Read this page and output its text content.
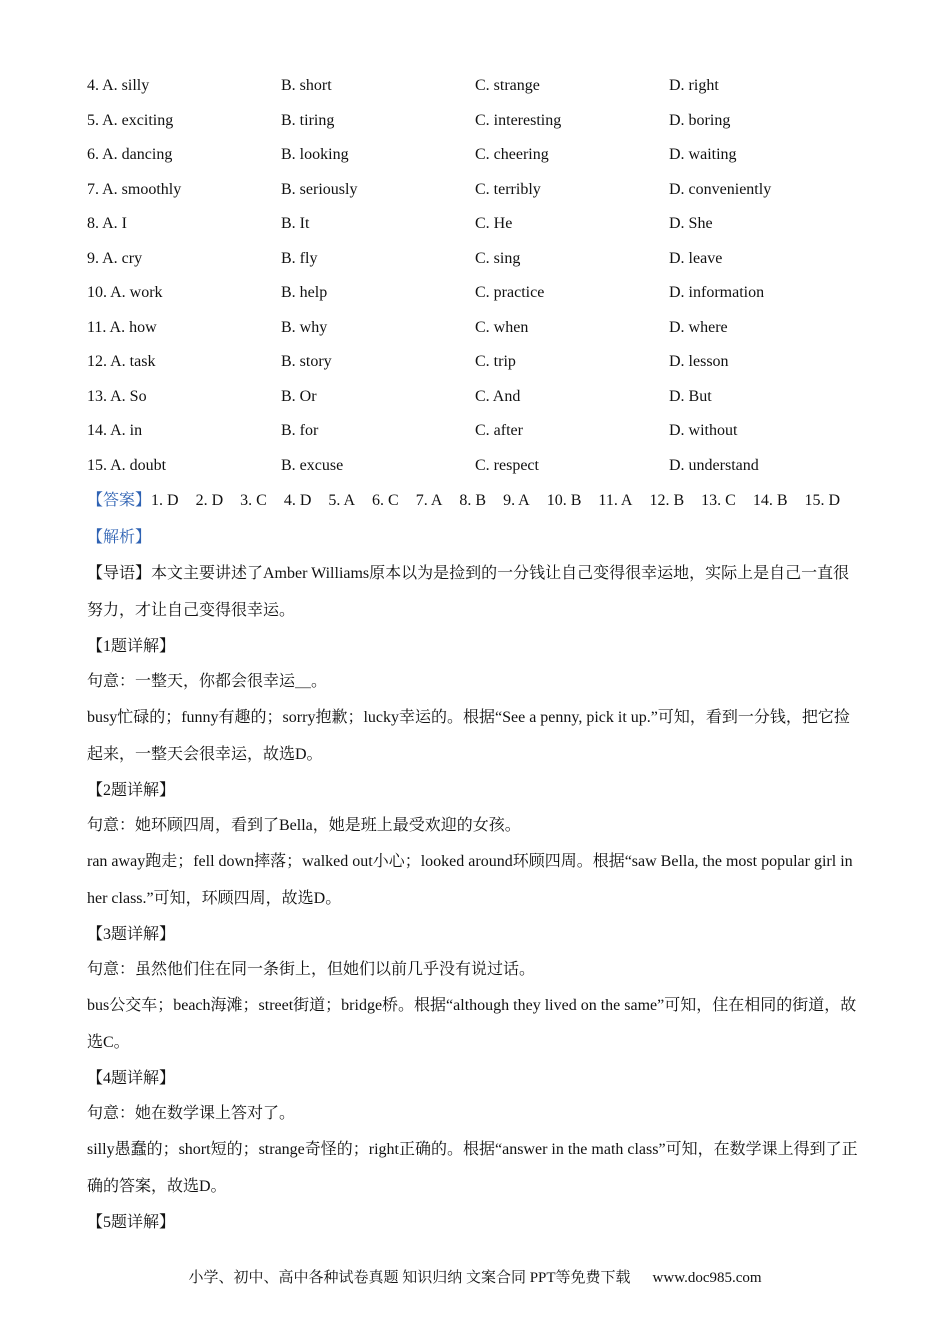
4. A. silly	B. short	C. strange	D. right
5. A. exciting	B. tiring	C. interesting	D. boring
6. A. dancing	B. looking	C. cheering	D. waiting
7. A. smoothly	B. seriously	C. terribly	D. conveniently
8. A. I	B. It	C. He	D. She
9. A. cry	B. fly	C. sing	D. leave
10. A. work	B. help	C. practice	D. information
11. A. how	B. why	C. when	D. where
12. A. task	B. story	C. trip	D. lesson
13. A. So	B. Or	C. And	D. But
14. A. in	B. for	C. after	D. without
15. A. doubt	B. excuse	C. respect	D. understand
【答案】1. D 2. D 3. C 4. D 5. A 6. C 7. A 8. B 9. A 10. B 11. A 12. B 13. C 14. B 15. D

【解析】

【导语】本文主要讲述了Amber Williams原本以为是捡到的一分钱让自己变得很幸运地，实际上是自己一直很努力，才让自己变得很幸运。

【1题详解】

句意：一整天，你都会很幸运＿。

busy忙碌的；funny有趣的；sorry抱歉；lucky幸运的。根据“See a penny, pick it up.”可知，看到一分钱，把它捡起来，一整天会很幸运，故选D。

【2题详解】

句意：她环顾四周，看到了Bella，她是班上最受欢迎的女孩。

ran away跑走；fell down摔落；walked out小心；looked around环顾四周。根据“saw Bella, the most popular girl in her class.”可知，环顾四周，故选D。

【3题详解】

句意：虽然他们住在同一条街上，但她们以前几乎没有说过话。

bus公交车；beach海滩；street街道；bridge桥。根据“although they lived on the same”可知，住在相同的街道，故选C。

【4题详解】

句意：她在数学课上答对了。

silly愚蠢的；short短的；strange奇怪的；right正确的。根据“answer in the math class”可知，在数学课上得到了正确的答案，故选D。

【5题详解】

小学、初中、高中各种试卷真题 知识归纳 文案合同 PPT等免费下载 www.doc985.com
